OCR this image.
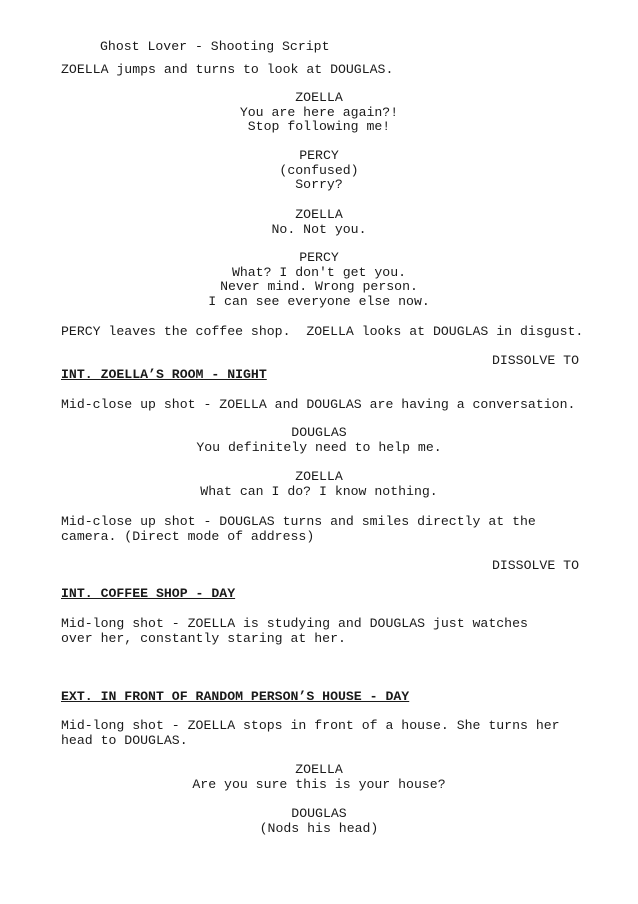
Ghost Lover - Shooting Script
ZOELLA jumps and turns to look at DOUGLAS.
ZOELLA
You are here again?!
Stop following me!
PERCY
(confused)
Sorry?
ZOELLA
No. Not you.
PERCY
What? I don't get you.
Never mind. Wrong person.
I can see everyone else now.
PERCY leaves the coffee shop.  ZOELLA looks at DOUGLAS in disgust.
DISSOLVE TO
INT. ZOELLA’S ROOM - NIGHT
Mid-close up shot - ZOELLA and DOUGLAS are having a conversation.
DOUGLAS
You definitely need to help me.
ZOELLA
What can I do? I know nothing.
Mid-close up shot - DOUGLAS turns and smiles directly at the camera. (Direct mode of address)
DISSOLVE TO
INT. COFFEE SHOP - DAY
Mid-long shot - ZOELLA is studying and DOUGLAS just watches over her, constantly staring at her.
EXT. IN FRONT OF RANDOM PERSON’S HOUSE - DAY
Mid-long shot - ZOELLA stops in front of a house. She turns her head to DOUGLAS.
ZOELLA
Are you sure this is your house?
DOUGLAS
(Nods his head)
